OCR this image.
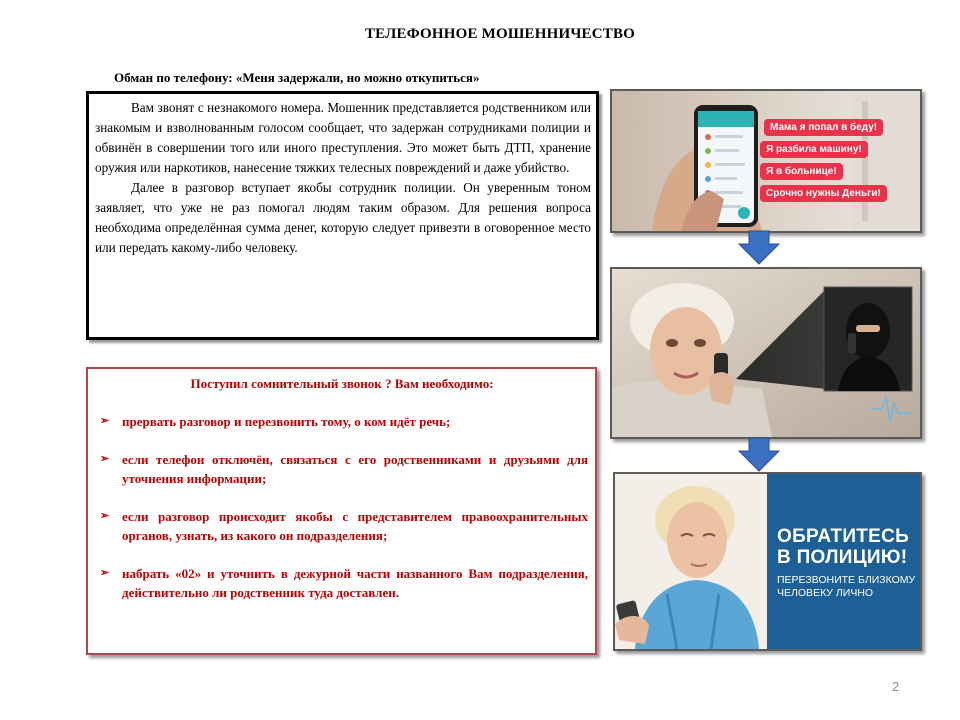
ТЕЛЕФОННОЕ МОШЕННИЧЕСТВО
Обман по телефону: «Меня задержали, но можно откупиться»

Вам звонят с незнакомого номера. Мошенник представляется родственником или знакомым и взволнованным голосом сообщает, что задержан сотрудниками полиции и обвинён в совершении того или иного преступления. Это может быть ДТП, хранение оружия или наркотиков, нанесение тяжких телесных повреждений и даже убийство.

Далее в разговор вступает якобы сотрудник полиции. Он уверенным тоном заявляет, что уже не раз помогал людям таким образом. Для решения вопроса необходима определённая сумма денег, которую следует привезти в оговоренное место или передать какому-либо человеку.

Поступил сомнительный звонок ? Вам необходимо:
➢ прервать разговор и перезвонить тому, о ком идёт речь;
➢ если телефон отключён, связаться с его родственниками и друзьями для уточнения информации;
➢ если разговор происходит якобы с представителем правоохранительных органов, узнать, из какого он подразделения;
➢ набрать «02» и уточнить в дежурной части названного Вам подразделения, действительно ли родственник туда доставлен.
Мама я попал в беду!
Я разбила машину!
Я в больнице!
Срочно нужны Деньги!
ОБРАТИТЕСЬ
В ПОЛИЦИЮ!
ПЕРЕЗВОНИТЕ БЛИЗКОМУ
ЧЕЛОВЕКУ ЛИЧНО
2
